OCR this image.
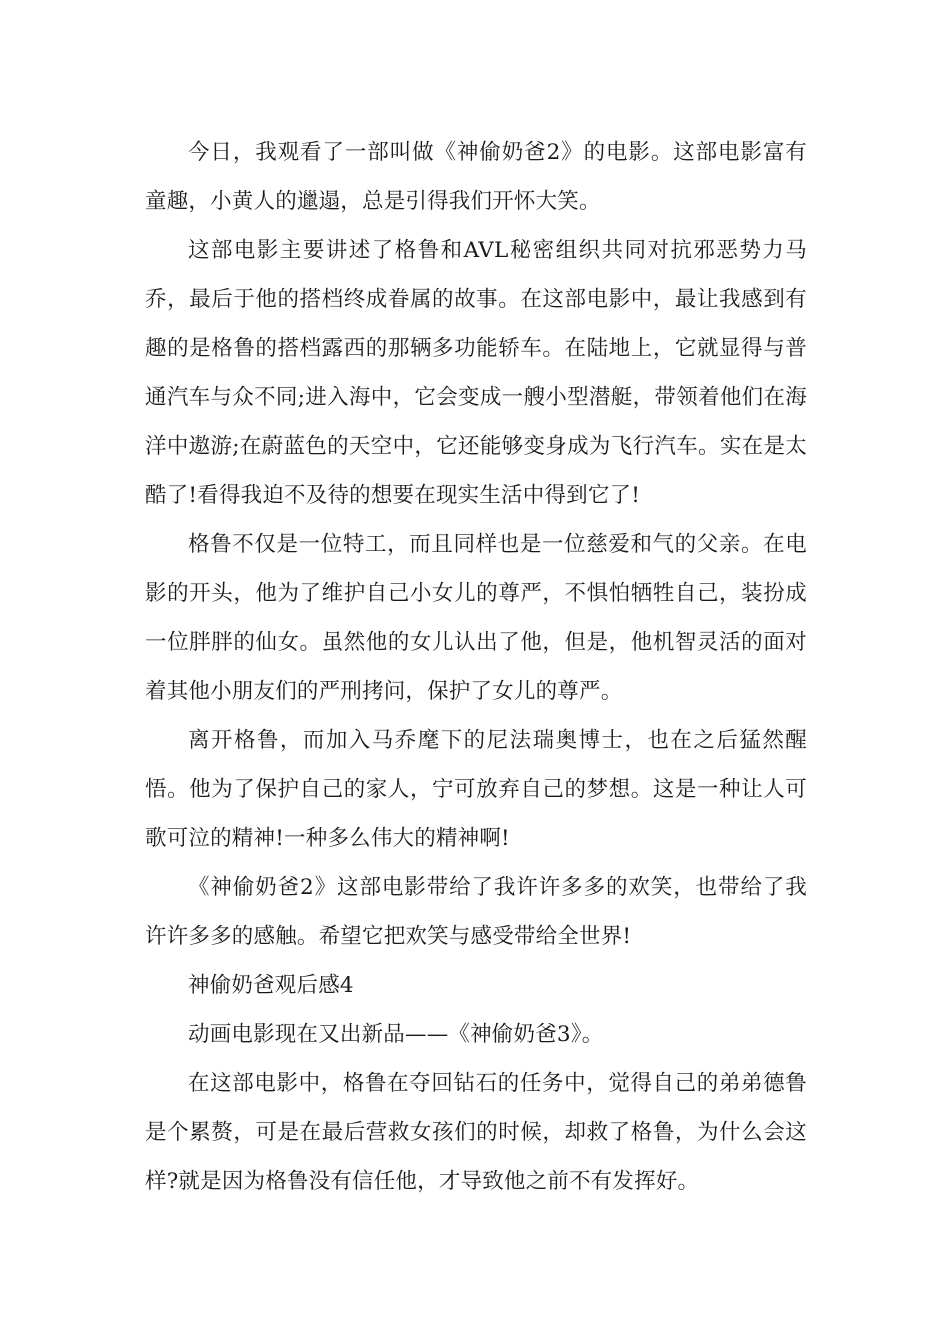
今日，我观看了一部叫做《神偷奶爸2》的电影。这部电影富有童趣，小黄人的邋遢，总是引得我们开怀大笑。

这部电影主要讲述了格鲁和AVL秘密组织共同对抗邪恶势力马乔，最后于他的搭档终成眷属的故事。在这部电影中，最让我感到有趣的是格鲁的搭档露西的那辆多功能轿车。在陆地上，它就显得与普通汽车与众不同;进入海中，它会变成一艘小型潜艇，带领着他们在海洋中遨游;在蔚蓝色的天空中，它还能够变身成为飞行汽车。实在是太酷了!看得我迫不及待的想要在现实生活中得到它了!

格鲁不仅是一位特工，而且同样也是一位慈爱和气的父亲。在电影的开头，他为了维护自己小女儿的尊严，不惧怕牺牲自己，装扮成一位胖胖的仙女。虽然他的女儿认出了他，但是，他机智灵活的面对着其他小朋友们的严刑拷问，保护了女儿的尊严。

离开格鲁，而加入马乔麾下的尼法瑞奥博士，也在之后猛然醒悟。他为了保护自己的家人，宁可放弃自己的梦想。这是一种让人可歌可泣的精神!一种多么伟大的精神啊!

《神偷奶爸2》这部电影带给了我许许多多的欢笑，也带给了我许许多多的感触。希望它把欢笑与感受带给全世界!

神偷奶爸观后感4

动画电影现在又出新品——《神偷奶爸3》。

在这部电影中，格鲁在夺回钻石的任务中，觉得自己的弟弟德鲁是个累赘，可是在最后营救女孩们的时候，却救了格鲁，为什么会这样?就是因为格鲁没有信任他，才导致他之前不有发挥好。
